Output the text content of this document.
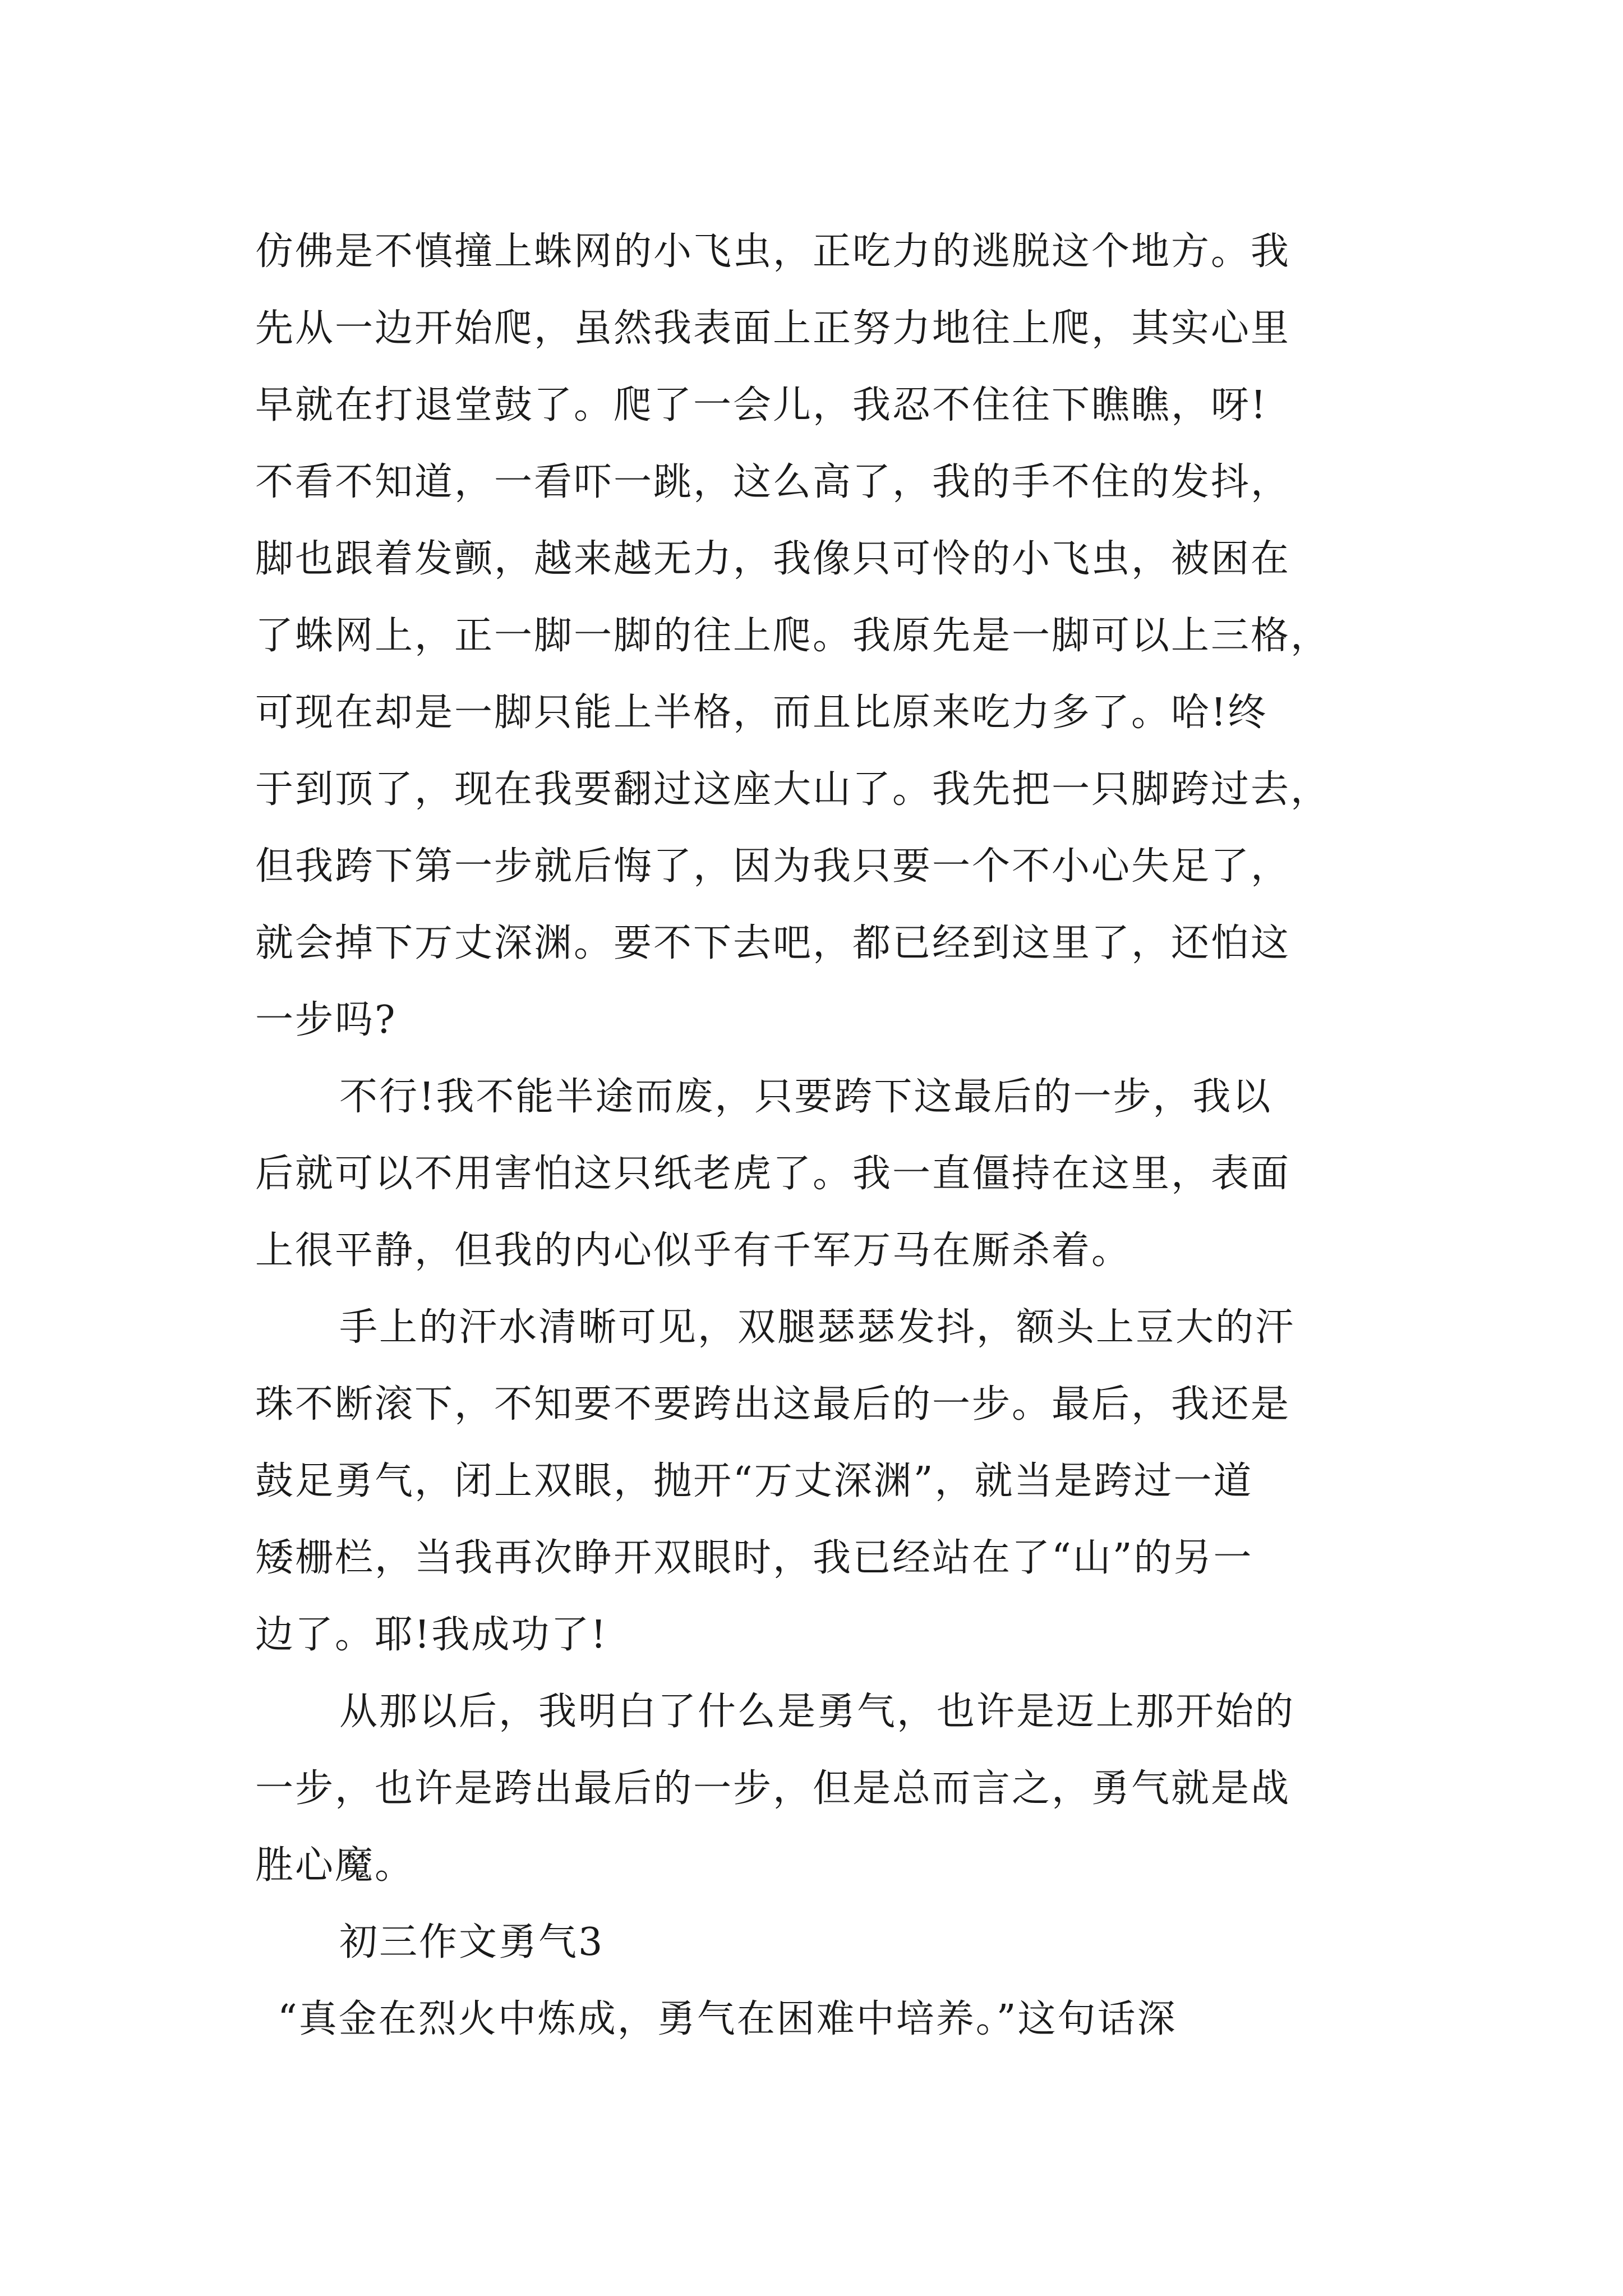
仿佛是不慎撞上蛛网的小飞虫，正吃力的逃脱这个地方。我
先从一边开始爬，虽然我表面上正努力地往上爬，其实心里
早就在打退堂鼓了。爬了一会儿，我忍不住往下瞧瞧，呀!
不看不知道，一看吓一跳，这么高了，我的手不住的发抖，
脚也跟着发颤，越来越无力，我像只可怜的小飞虫，被困在
了蛛网上，正一脚一脚的往上爬。我原先是一脚可以上三格，
可现在却是一脚只能上半格，而且比原来吃力多了。哈!终
于到顶了，现在我要翻过这座大山了。我先把一只脚跨过去，
但我跨下第一步就后悔了，因为我只要一个不小心失足了，
就会掉下万丈深渊。要不下去吧，都已经到这里了，还怕这
一步吗?
不行!我不能半途而废，只要跨下这最后的一步，我以
后就可以不用害怕这只纸老虎了。我一直僵持在这里，表面
上很平静，但我的内心似乎有千军万马在厮杀着。
手上的汗水清晰可见，双腿瑟瑟发抖，额头上豆大的汗
珠不断滚下，不知要不要跨出这最后的一步。最后，我还是
鼓足勇气，闭上双眼，抛开“万丈深渊”，就当是跨过一道
矮栅栏，当我再次睁开双眼时，我已经站在了“山”的另一
边了。耶!我成功了!
从那以后，我明白了什么是勇气，也许是迈上那开始的
一步，也许是跨出最后的一步，但是总而言之，勇气就是战
胜心魔。
初三作文勇气3
“真金在烈火中炼成，勇气在困难中培养。”这句话深
